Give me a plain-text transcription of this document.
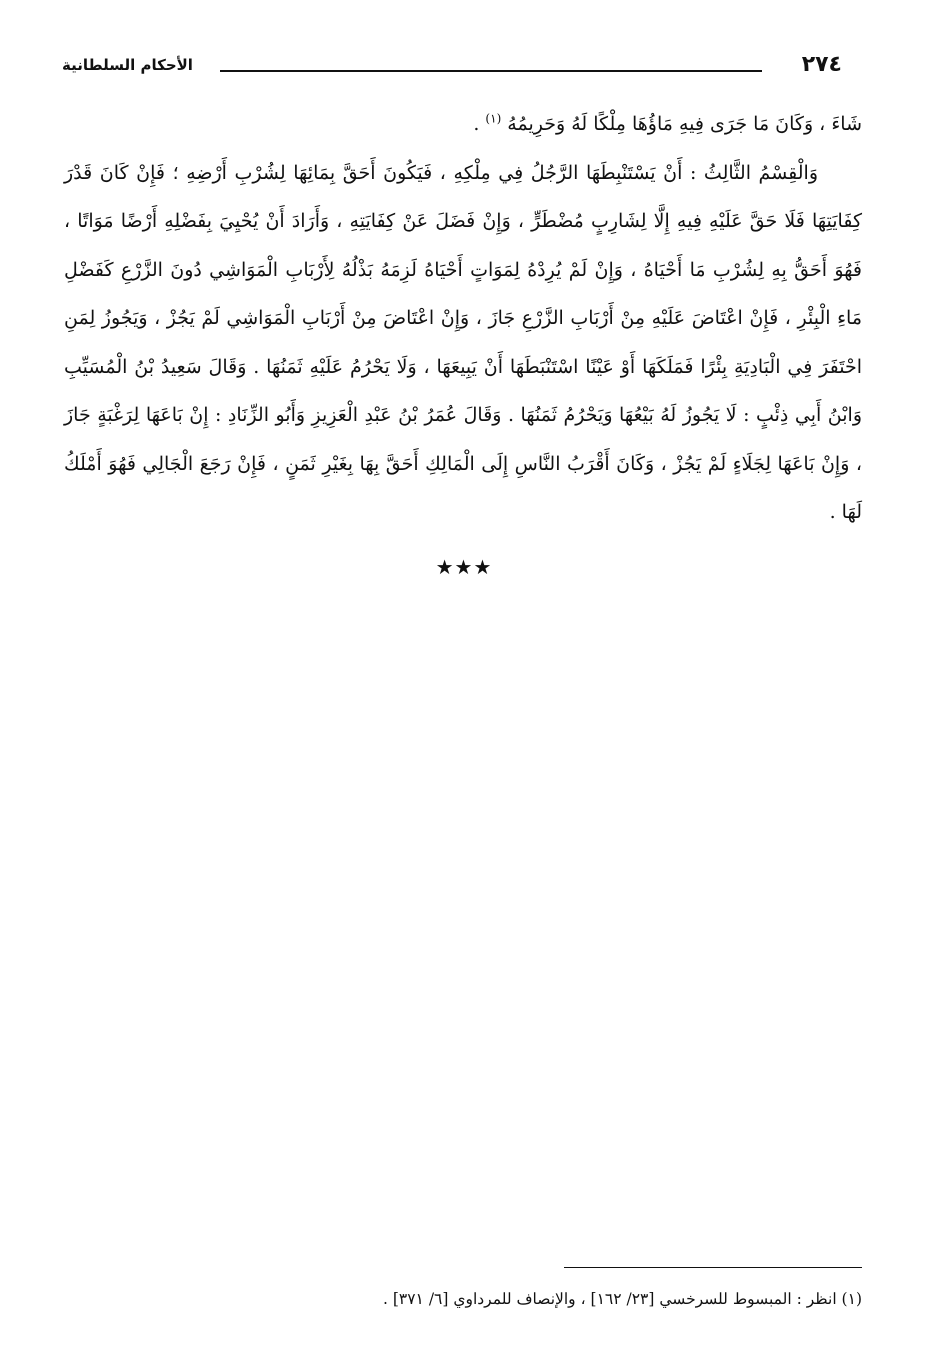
٢٧٤
الأحكام السلطانية

شَاءَ ، وَكَانَ مَا جَرَى فِيهِ مَاؤُهَا مِلْكًا لَهُ وَحَرِيمُهُ $^{(١)}$ .

وَالْقِسْمُ الثَّالِثُ : أَنْ يَسْتَنْبِطَهَا الرَّجُلُ فِي مِلْكِهِ ، فَيَكُونَ أَحَقَّ بِمَائِهَا لِشُرْبِ أَرْضِهِ ؛ فَإِنْ كَانَ قَدْرَ كِفَايَتِهَا فَلَا حَقَّ عَلَيْهِ فِيهِ إِلَّا لِشَارِبٍ مُضْطَرٍّ ، وَإِنْ فَضَلَ عَنْ كِفَايَتِهِ ، وَأَرَادَ أَنْ يُحْيِيَ بِفَضْلِهِ أَرْضًا مَوَاتًا ، فَهُوَ أَحَقُّ بِهِ لِشُرْبِ مَا أَحْيَاهُ ، وَإِنْ لَمْ يُرِدْهُ لِمَوَاتٍ أَحْيَاهُ لَزِمَهُ بَذْلُهُ لِأَرْبَابِ الْمَوَاشِي دُونَ الزَّرْعِ كَفَضْلِ مَاءِ الْبِئْرِ ، فَإِنْ اعْتَاضَ عَلَيْهِ مِنْ أَرْبَابِ الزَّرْعِ جَازَ ، وَإِنْ اعْتَاضَ مِنْ أَرْبَابِ الْمَوَاشِي لَمْ يَجُزْ ، وَيَجُوزُ لِمَنِ احْتَفَرَ فِي الْبَادِيَةِ بِئْرًا فَمَلَكَهَا أَوْ عَيْنًا اسْتَنْبَطَهَا أَنْ يَبِيعَهَا ، وَلَا يَحْرُمُ عَلَيْهِ ثَمَنُهَا . وَقَالَ سَعِيدُ بْنُ الْمُسَيِّبِ وَابْنُ أَبِي ذِئْبٍ : لَا يَجُوزُ لَهُ بَيْعُهَا وَيَحْرُمُ ثَمَنُهَا . وَقَالَ عُمَرُ بْنُ عَبْدِ الْعَزِيزِ وَأَبُو الزِّنَادِ : إِنْ بَاعَهَا لِرَغْبَةٍ جَازَ ، وَإِنْ بَاعَهَا لِجَلَاءٍ لَمْ يَجُزْ ، وَكَانَ أَقْرَبُ النَّاسِ إِلَى الْمَالِكِ أَحَقَّ بِهَا بِغَيْرِ ثَمَنٍ ، فَإِنْ رَجَعَ الْجَالِي فَهُوَ أَمْلَكُ لَهَا .

★★★
(١) انظر : المبسوط للسرخسي [٢٣/ ١٦٢] ، والإنصاف للمرداوي [٦/ ٣٧١] .
